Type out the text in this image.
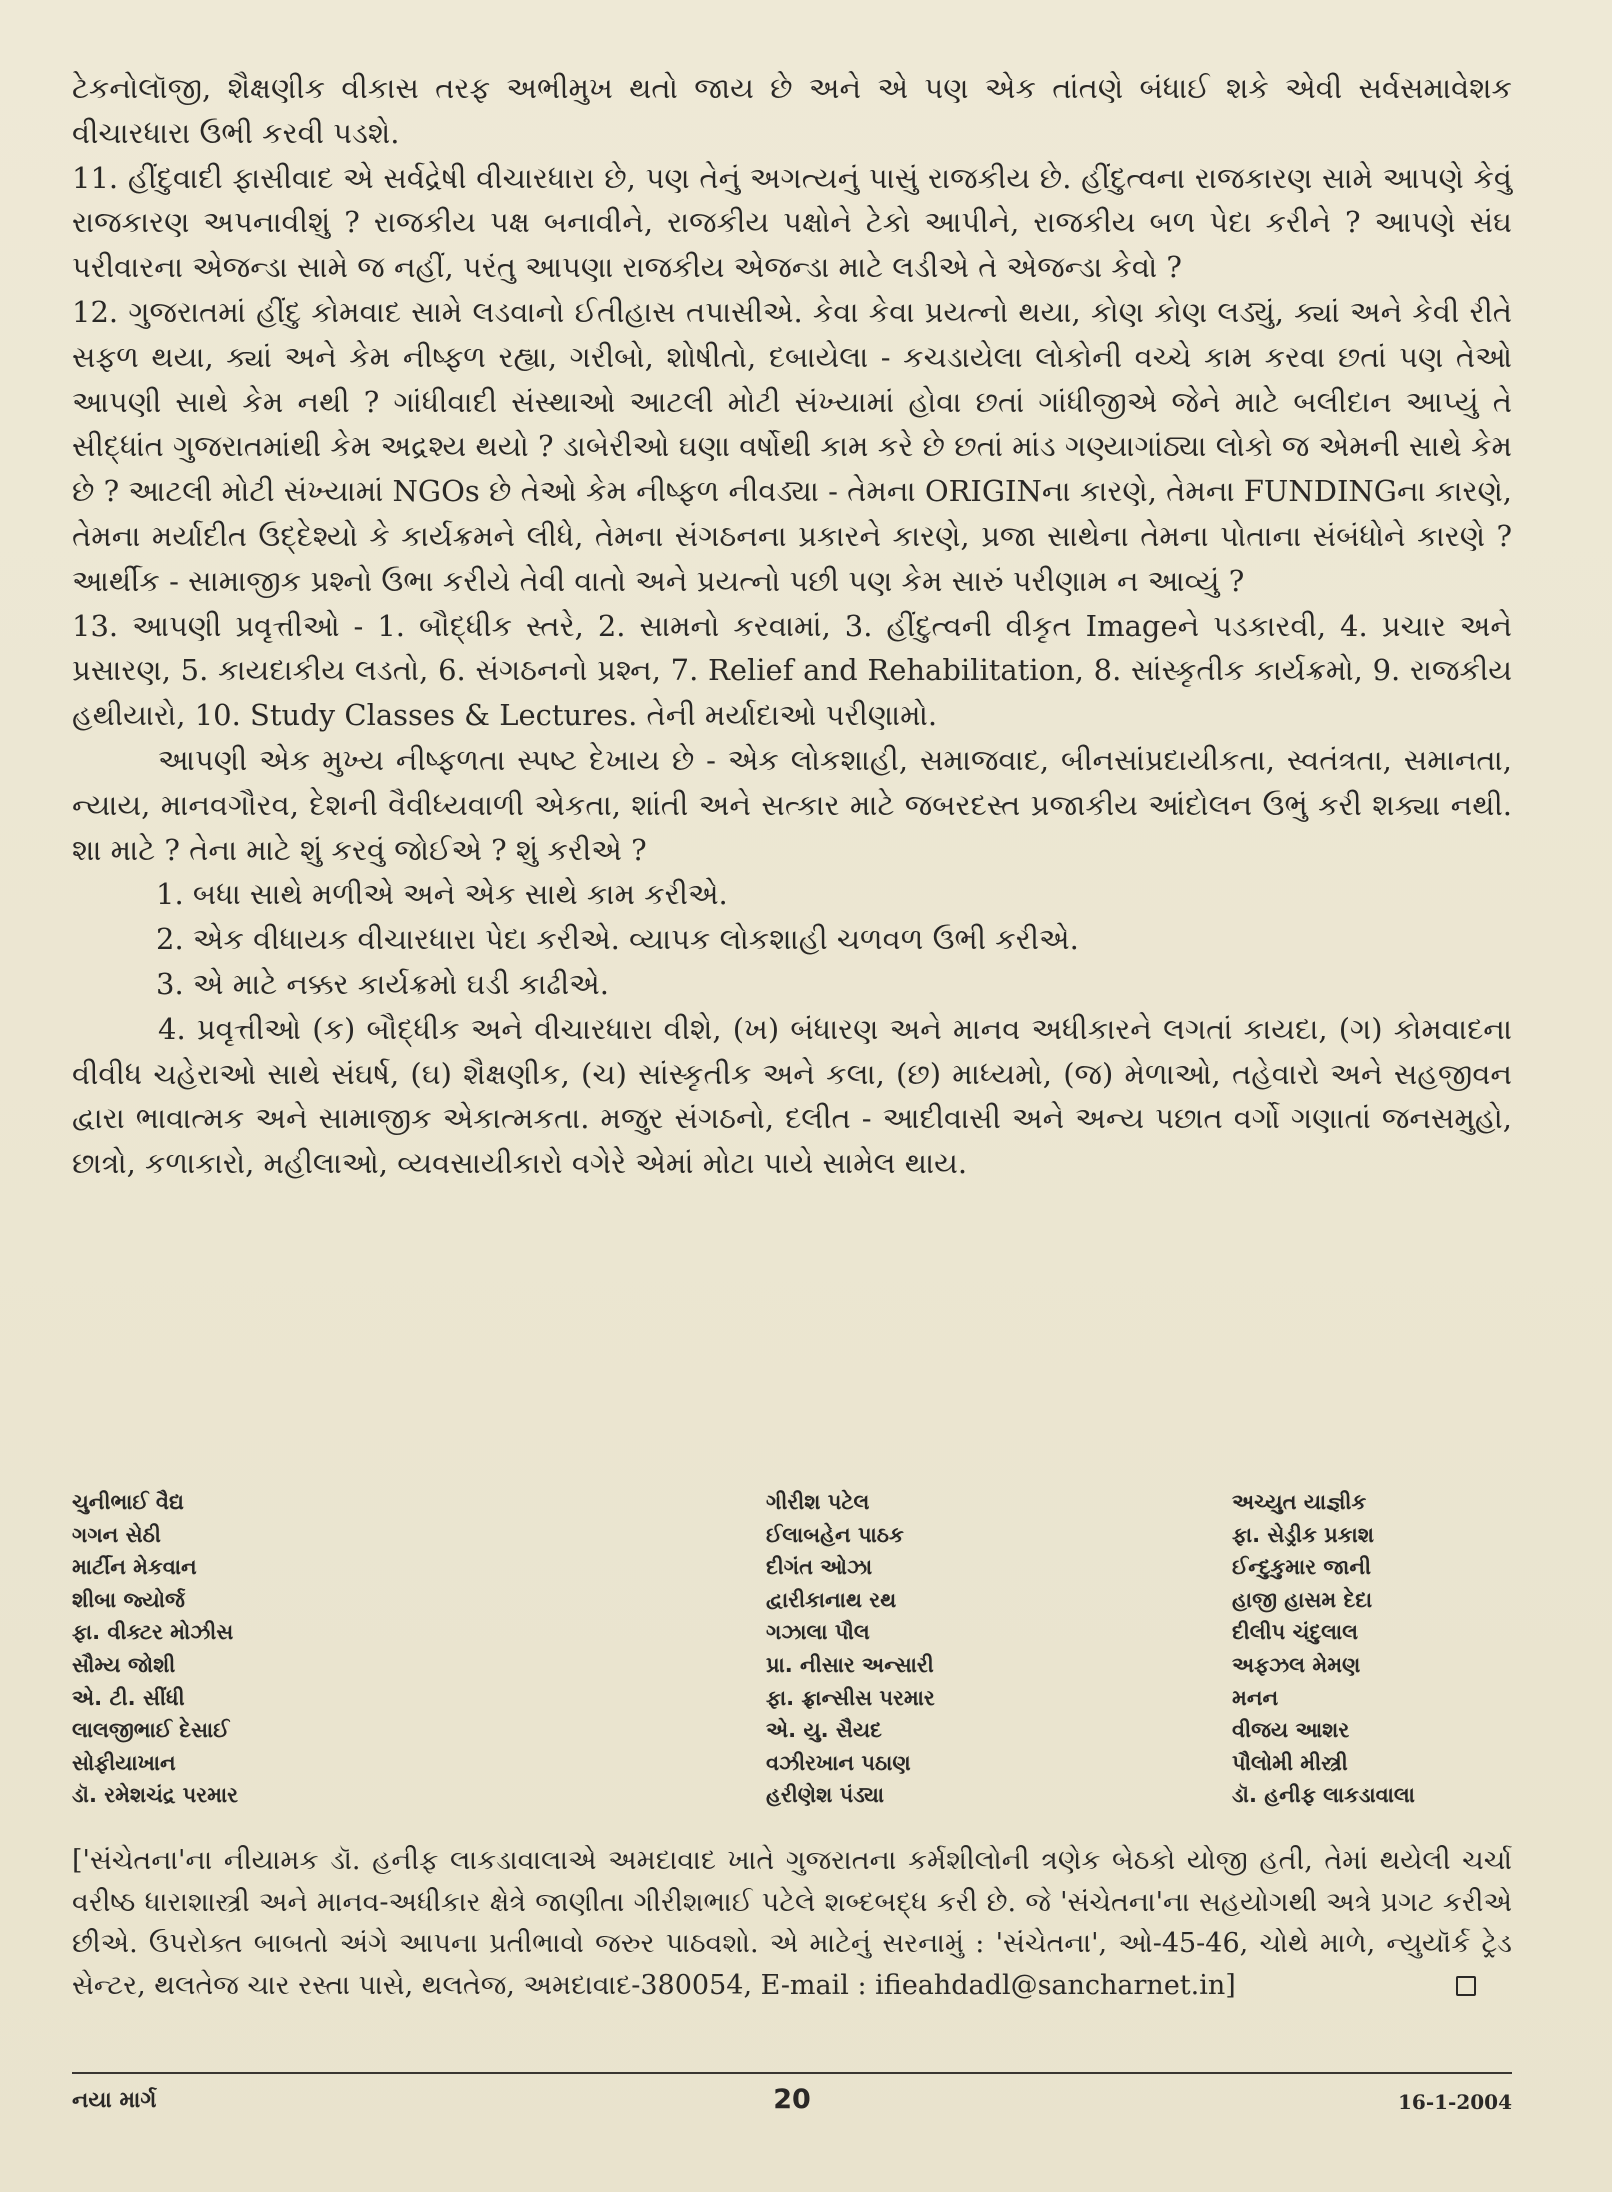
ટેકનોલૉજી, શૈક્ષણીક વીકાસ તરફ અભીમુખ થતો જાય છે અને એ પણ એક તાંતણે બંધાઈ શકે એવી સર્વસમાવેશક વીચારધારા ઉભી કરવી પડશે.

11. હીંદુવાદી ફાસીવાદ એ સર્વદ્રેષી વીચારધારા છે, પણ તેનું અગત્યનું પાસું રાજકીય છે. હીંદુત્વના રાજકારણ સામે આપણે કેવું રાજકારણ અપનાવીશું ? રાજકીય પક્ષ બનાવીને, રાજકીય પક્ષોને ટેકો આપીને, રાજકીય બળ પેદા કરીને ? આપણે સંઘ પરીવારના એજન્ડા સામે જ નહીં, પરંતુ આપણા રાજકીય એજન્ડા માટે લડીએ તે એજન્ડા કેવો ?

12. ગુજરાતમાં હીંદુ કોમવાદ સામે લડવાનો ઈતીહાસ તપાસીએ. કેવા કેવા પ્રયત્નો થયા, કોણ કોણ લડ્યું, ક્યાં અને કેવી રીતે સફળ થયા, ક્યાં અને કેમ નીષ્ફળ રહ્યા, ગરીબો, શોષીતો, દબાયેલા - કચડાયેલા લોકોની વચ્ચે કામ કરવા છતાં પણ તેઓ આપણી સાથે કેમ નથી ? ગાંધીવાદી સંસ્થાઓ આટલી મોટી સંખ્યામાં હોવા છતાં ગાંધીજીએ જેને માટે બલીદાન આપ્યું તે સીદ્ધાંત ગુજરાતમાંથી કેમ અદ્રશ્ય થયો ? ડાબેરીઓ ઘણા વર્ષોથી કામ કરે છે છતાં માંડ ગણ્યાગાંઠ્યા લોકો જ એમની સાથે કેમ છે ? આટલી મોટી સંખ્યામાં NGOs છે તેઓ કેમ નીષ્ફળ નીવડ્યા - તેમના ORIGINના કારણે, તેમના FUNDINGના કારણે, તેમના મર્યાદીત ઉદ્દેશ્યો કે કાર્યક્રમને લીધે, તેમના સંગઠનના પ્રકારને કારણે, પ્રજા સાથેના તેમના પોતાના સંબંધોને કારણે ? આર્થીક - સામાજીક પ્રશ્નો ઉભા કરીયે તેવી વાતો અને પ્રયત્નો પછી પણ કેમ સારું પરીણામ ન આવ્યું ?

13. આપણી પ્રવૃત્તીઓ - 1. બૌદ્ધીક સ્તરે, 2. સામનો કરવામાં, 3. હીંદુત્વની વીકૃત Imageને પડકારવી, 4. પ્રચાર અને પ્રસારણ, 5. કાયદાકીય લડતો, 6. સંગઠનનો પ્રશ્ન, 7. Relief and Rehabilitation, 8. સાંસ્કૃતીક કાર્યક્રમો, 9. રાજકીય હથીયારો, 10. Study Classes & Lectures. તેની મર્યાદાઓ પરીણામો.

આપણી એક મુખ્ય નીષ્ફળતા સ્પષ્ટ દેખાય છે - એક લોકશાહી, સમાજવાદ, બીનસાંપ્રદાયીકતા, સ્વતંત્રતા, સમાનતા, ન્યાય, માનવગૌરવ, દેશની વૈવીધ્યવાળી એકતા, શાંતી અને સત્કાર માટે જબરદસ્ત પ્રજાકીય આંદોલન ઉભું કરી શક્યા નથી. શા માટે ? તેના માટે શું કરવું જોઈએ ? શું કરીએ ?

1. બધા સાથે મળીએ અને એક સાથે કામ કરીએ.
2. એક વીધાયક વીચારધારા પેદા કરીએ. વ્યાપક લોકશાહી ચળવળ ઉભી કરીએ.
3. એ માટે નક્કર કાર્યક્રમો ઘડી કાઢીએ.

4. પ્રવૃત્તીઓ (ક) બૌદ્ધીક અને વીચારધારા વીશે, (ખ) બંધારણ અને માનવ અધીકારને લગતાં કાયદા, (ગ) કોમવાદના વીવીધ ચહેરાઓ સાથે સંઘર્ષ, (ઘ) શૈક્ષણીક, (ચ) સાંસ્કૃતીક અને કલા, (છ) માધ્યમો, (જ) મેળાઓ, તહેવારો અને સહજીવન દ્વારા ભાવાત્મક અને સામાજીક એકાત્મકતા. મજુર સંગઠનો, દલીત - આદીવાસી અને અન્ય પછાત વર્ગો ગણાતાં જનસમુહો, છાત્રો, કળાકારો, મહીલાઓ, વ્યવસાયીકારો વગેરે એમાં મોટા પાયે સામેલ થાય.

ચુનીભાઈ વૈદ્ય
ગગન સેઠી
માર્ટીન મેકવાન
શીબા જ્યોર્જ
ફા. વીક્ટર મોઝીસ
સૌમ્ય જોશી
એ. ટી. સીંધી
લાલજીભાઈ દેસાઈ
સોફીયાખાન
ડૉ. રમેશચંદ્ર પરમાર
ગીરીશ પટેલ
ઈલાબહેન પાઠક
દીગંત ઓઝા
દ્વારીકાનાથ રથ
ગઝાલા પૌલ
પ્રા. નીસાર અન્સારી
ફા. ફ્રાન્સીસ પરમાર
એ. યુ. સૈયદ
વઝીરખાન પઠાણ
હરીણેશ પંડ્યા
અચ્યુત યાજ્ઞીક
ફા. સેડ્રીક પ્રકાશ
ઈન્દુકુમાર જાની
હાજી હાસમ દેદા
દીલીપ ચંદુલાલ
અફઝલ મેમણ
મનન
વીજય આશર
પૌલોમી મીસ્ત્રી
ડૉ. હનીફ લાકડાવાલા

['સંચેતના'ના નીયામક ડૉ. હનીફ લાકડાવાલાએ અમદાવાદ ખાતે ગુજરાતના કર્મશીલોની ત્રણેક બેઠકો યોજી હતી, તેમાં થયેલી ચર્ચા વરીષ્ઠ ધારાશાસ્ત્રી અને માનવ-અધીકાર ક્ષેત્રે જાણીતા ગીરીશભાઈ પટેલે શબ્દબદ્ધ કરી છે. જે 'સંચેતના'ના સહયોગથી અત્રે પ્રગટ કરીએ છીએ. ઉપરોક્ત બાબતો અંગે આપના પ્રતીભાવો જરુર પાઠવશો. એ માટેનું સરનામું : 'સંચેતના', ઓ-45-46, ચોથે માળે, ન્યુયૉર્ક ટ્રેડ સેન્ટર, થલતેજ ચાર રસ્તા પાસે, થલતેજ, અમદાવાદ-380054, E-mail : ifieahdadl@sancharnet.in]

નયા માર્ગ	20	16-1-2004
